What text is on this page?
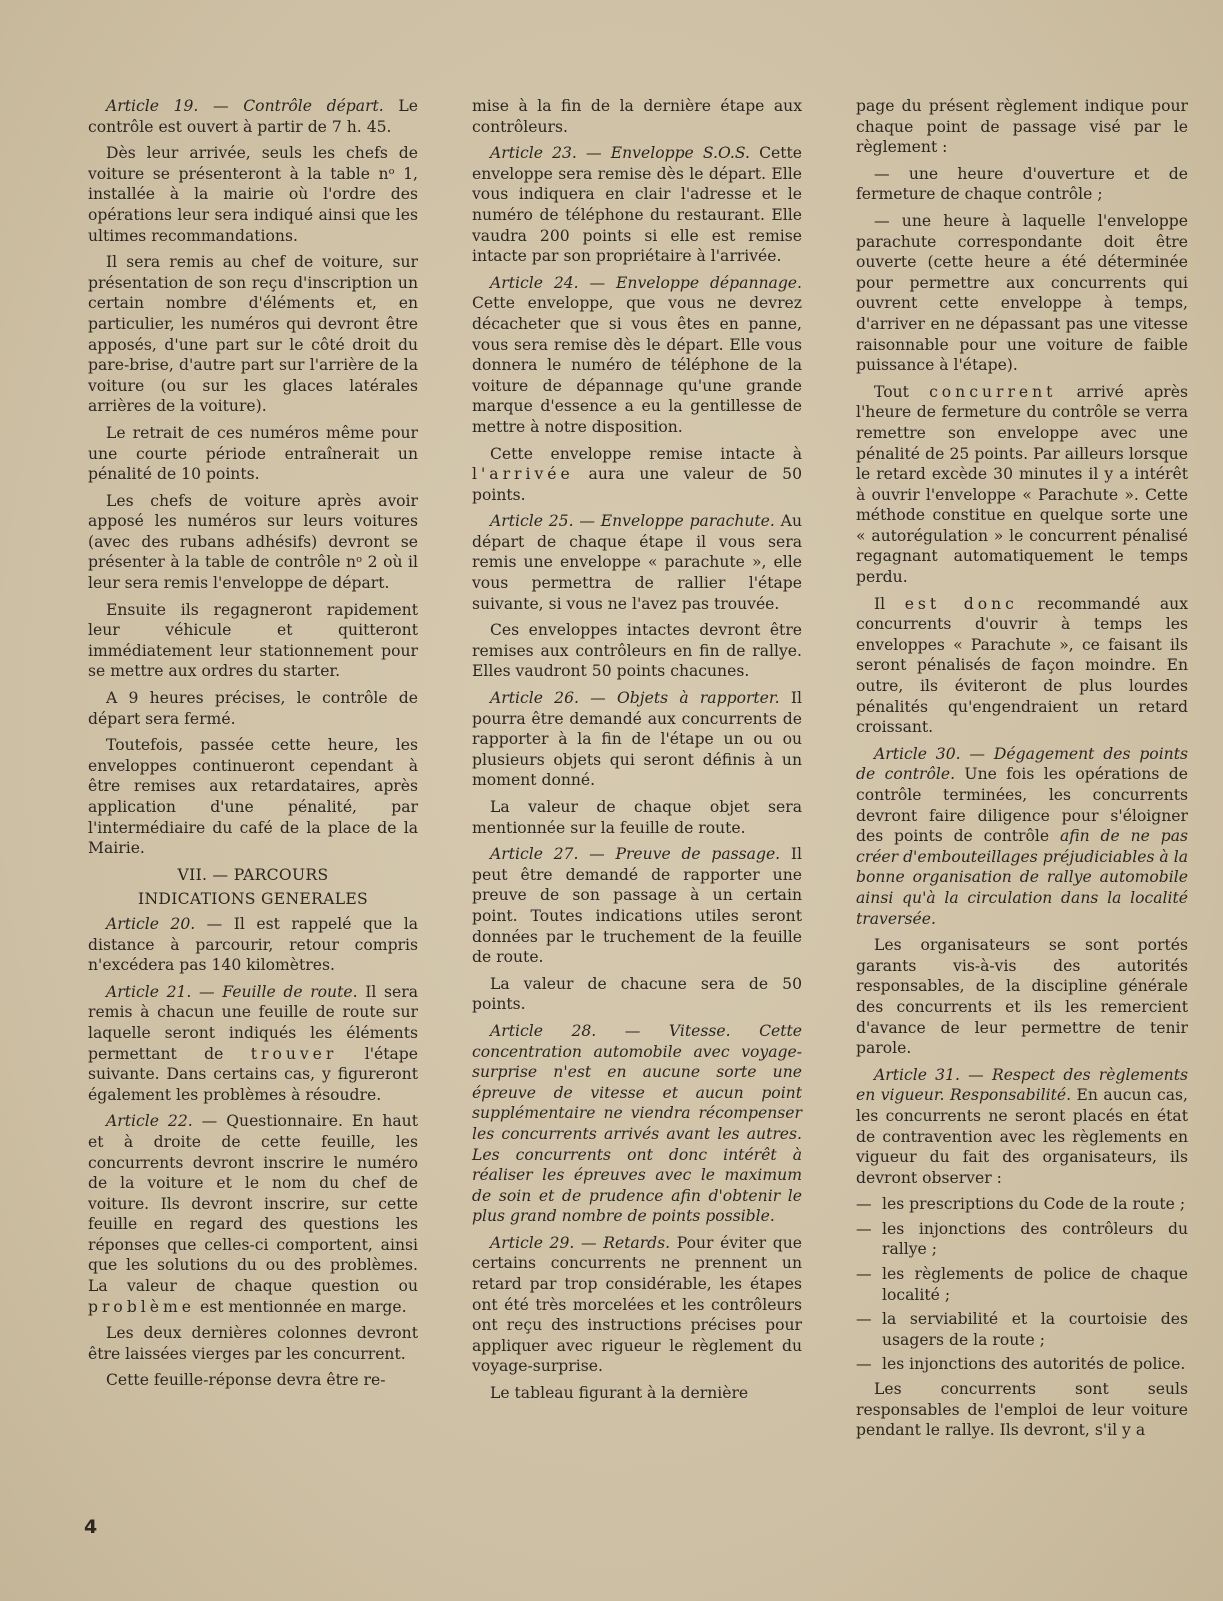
Article 19. — Contrôle départ. Le contrôle est ouvert à partir de 7 h. 45.

Dès leur arrivée, seuls les chefs de voiture se présenteront à la table nᵒ 1, installée à la mairie où l'ordre des opérations leur sera indiqué ainsi que les ultimes recommandations.

Il sera remis au chef de voiture, sur présentation de son reçu d'inscription un certain nombre d'éléments et, en particulier, les numéros qui devront être apposés, d'une part sur le côté droit du pare-brise, d'autre part sur l'arrière de la voiture (ou sur les glaces latérales arrières de la voiture).

Le retrait de ces numéros même pour une courte période entraînerait un pénalité de 10 points.

Les chefs de voiture après avoir apposé les numéros sur leurs voitures (avec des rubans adhésifs) devront se présenter à la table de contrôle nᵒ 2 où il leur sera remis l'enveloppe de départ.

Ensuite ils regagneront rapidement leur véhicule et quitteront immédiatement leur stationnement pour se mettre aux ordres du starter.

A 9 heures précises, le contrôle de départ sera fermé.

Toutefois, passée cette heure, les enveloppes continueront cependant à être remises aux retardataires, après application d'une pénalité, par l'intermédiaire du café de la place de la Mairie.

VII. — PARCOURS
INDICATIONS GENERALES

Article 20. — Il est rappelé que la distance à parcourir, retour compris n'excédera pas 140 kilomètres.

Article 21. — Feuille de route. Il sera remis à chacun une feuille de route sur laquelle seront indiqués les éléments permettant de trouver l'étape suivante. Dans certains cas, y figureront également les problèmes à résoudre.

Article 22. — Questionnaire. En haut et à droite de cette feuille, les concurrents devront inscrire le numéro de la voiture et le nom du chef de voiture. Ils devront inscrire, sur cette feuille en regard des questions les réponses que celles-ci comportent, ainsi que les solutions du ou des problèmes. La valeur de chaque question ou problème est mentionnée en marge.

Les deux dernières colonnes devront être laissées vierges par les concurrent.

Cette feuille-réponse devra être re-

mise à la fin de la dernière étape aux contrôleurs.

Article 23. — Enveloppe S.O.S. Cette enveloppe sera remise dès le départ. Elle vous indiquera en clair l'adresse et le numéro de téléphone du restaurant. Elle vaudra 200 points si elle est remise intacte par son propriétaire à l'arrivée.

Article 24. — Enveloppe dépannage. Cette enveloppe, que vous ne devrez décacheter que si vous êtes en panne, vous sera remise dès le départ. Elle vous donnera le numéro de téléphone de la voiture de dépannage qu'une grande marque d'essence a eu la gentillesse de mettre à notre disposition.

Cette enveloppe remise intacte à l'arrivée aura une valeur de 50 points.

Article 25. — Enveloppe parachute. Au départ de chaque étape il vous sera remis une enveloppe « parachute », elle vous permettra de rallier l'étape suivante, si vous ne l'avez pas trouvée.

Ces enveloppes intactes devront être remises aux contrôleurs en fin de rallye. Elles vaudront 50 points chacunes.

Article 26. — Objets à rapporter. Il pourra être demandé aux concurrents de rapporter à la fin de l'étape un ou ou plusieurs objets qui seront définis à un moment donné.

La valeur de chaque objet sera mentionnée sur la feuille de route.

Article 27. — Preuve de passage. Il peut être demandé de rapporter une preuve de son passage à un certain point. Toutes indications utiles seront données par le truchement de la feuille de route.

La valeur de chacune sera de 50 points.

Article 28. — Vitesse. Cette concentration automobile avec voyage-surprise n'est en aucune sorte une épreuve de vitesse et aucun point supplémentaire ne viendra récompenser les concurrents arrivés avant les autres. Les concurrents ont donc intérêt à réaliser les épreuves avec le maximum de soin et de prudence afin d'obtenir le plus grand nombre de points possible.

Article 29. — Retards. Pour éviter que certains concurrents ne prennent un retard par trop considérable, les étapes ont été très morcelées et les contrôleurs ont reçu des instructions précises pour appliquer avec rigueur le règlement du voyage-surprise.

Le tableau figurant à la dernière

page du présent règlement indique pour chaque point de passage visé par le règlement :

— une heure d'ouverture et de fermeture de chaque contrôle ;

— une heure à laquelle l'enveloppe parachute correspondante doit être ouverte (cette heure a été déterminée pour permettre aux concurrents qui ouvrent cette enveloppe à temps, d'arriver en ne dépassant pas une vitesse raisonnable pour une voiture de faible puissance à l'étape).

Tout concurrent arrivé après l'heure de fermeture du contrôle se verra remettre son enveloppe avec une pénalité de 25 points. Par ailleurs lorsque le retard excède 30 minutes il y a intérêt à ouvrir l'enveloppe « Parachute ». Cette méthode constitue en quelque sorte une « autorégulation » le concurrent pénalisé regagnant automatiquement le temps perdu.

Il est donc recommandé aux concurrents d'ouvrir à temps les enveloppes « Parachute », ce faisant ils seront pénalisés de façon moindre. En outre, ils éviteront de plus lourdes pénalités qu'engendraient un retard croissant.

Article 30. — Dégagement des points de contrôle. Une fois les opérations de contrôle terminées, les concurrents devront faire diligence pour s'éloigner des points de contrôle afin de ne pas créer d'embouteillages préjudiciables à la bonne organisation de rallye automobile ainsi qu'à la circulation dans la localité traversée.

Les organisateurs se sont portés garants vis-à-vis des autorités responsables, de la discipline générale des concurrents et ils les remercient d'avance de leur permettre de tenir parole.

Article 31. — Respect des règlements en vigueur. Responsabilité. En aucun cas, les concurrents ne seront placés en état de contravention avec les règlements en vigueur du fait des organisateurs, ils devront observer :

— les prescriptions du Code de la route ;

— les injonctions des contrôleurs du rallye ;

— les règlements de police de chaque localité ;

— la serviabilité et la courtoisie des usagers de la route ;

— les injonctions des autorités de police.

Les concurrents sont seuls responsables de l'emploi de leur voiture pendant le rallye. Ils devront, s'il y a

4
